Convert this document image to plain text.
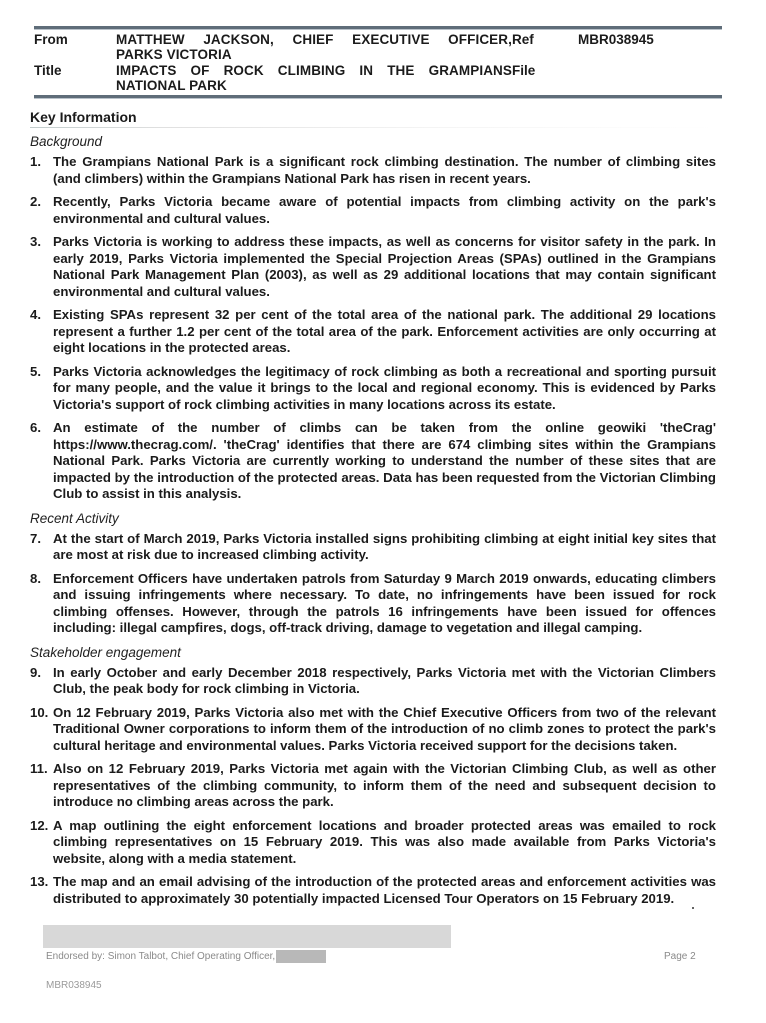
From	MATTHEW JACKSON, CHIEF EXECUTIVE OFFICER,
PARKS VICTORIA
Ref	MBR038945
Title	IMPACTS OF ROCK CLIMBING IN THE GRAMPIANS
NATIONAL PARK
File
Key Information
Background
1. The Grampians National Park is a significant rock climbing destination. The number of climbing sites (and climbers) within the Grampians National Park has risen in recent years.
2. Recently, Parks Victoria became aware of potential impacts from climbing activity on the park's environmental and cultural values.
3. Parks Victoria is working to address these impacts, as well as concerns for visitor safety in the park. In early 2019, Parks Victoria implemented the Special Projection Areas (SPAs) outlined in the Grampians National Park Management Plan (2003), as well as 29 additional locations that may contain significant environmental and cultural values.
4. Existing SPAs represent 32 per cent of the total area of the national park. The additional 29 locations represent a further 1.2 per cent of the total area of the park. Enforcement activities are only occurring at eight locations in the protected areas.
5. Parks Victoria acknowledges the legitimacy of rock climbing as both a recreational and sporting pursuit for many people, and the value it brings to the local and regional economy. This is evidenced by Parks Victoria's support of rock climbing activities in many locations across its estate.
6. An estimate of the number of climbs can be taken from the online geowiki 'theCrag' https://www.thecrag.com/. 'theCrag' identifies that there are 674 climbing sites within the Grampians National Park. Parks Victoria are currently working to understand the number of these sites that are impacted by the introduction of the protected areas. Data has been requested from the Victorian Climbing Club to assist in this analysis.
Recent Activity
7. At the start of March 2019, Parks Victoria installed signs prohibiting climbing at eight initial key sites that are most at risk due to increased climbing activity.
8. Enforcement Officers have undertaken patrols from Saturday 9 March 2019 onwards, educating climbers and issuing infringements where necessary. To date, no infringements have been issued for rock climbing offenses. However, through the patrols 16 infringements have been issued for offences including: illegal campfires, dogs, off-track driving, damage to vegetation and illegal camping.
Stakeholder engagement
9. In early October and early December 2018 respectively, Parks Victoria met with the Victorian Climbers Club, the peak body for rock climbing in Victoria.
10. On 12 February 2019, Parks Victoria also met with the Chief Executive Officers from two of the relevant Traditional Owner corporations to inform them of the introduction of no climb zones to protect the park's cultural heritage and environmental values. Parks Victoria received support for the decisions taken.
11. Also on 12 February 2019, Parks Victoria met again with the Victorian Climbing Club, as well as other representatives of the climbing community, to inform them of the need and subsequent decision to introduce no climbing areas across the park.
12. A map outlining the eight enforcement locations and broader protected areas was emailed to rock climbing representatives on 15 February 2019. This was also made available from Parks Victoria's website, along with a media statement.
13. The map and an email advising of the introduction of the protected areas and enforcement activities was distributed to approximately 30 potentially impacted Licensed Tour Operators on 15 February 2019.
Endorsed by: Simon Talbot, Chief Operating Officer,	Page 2
MBR038945
